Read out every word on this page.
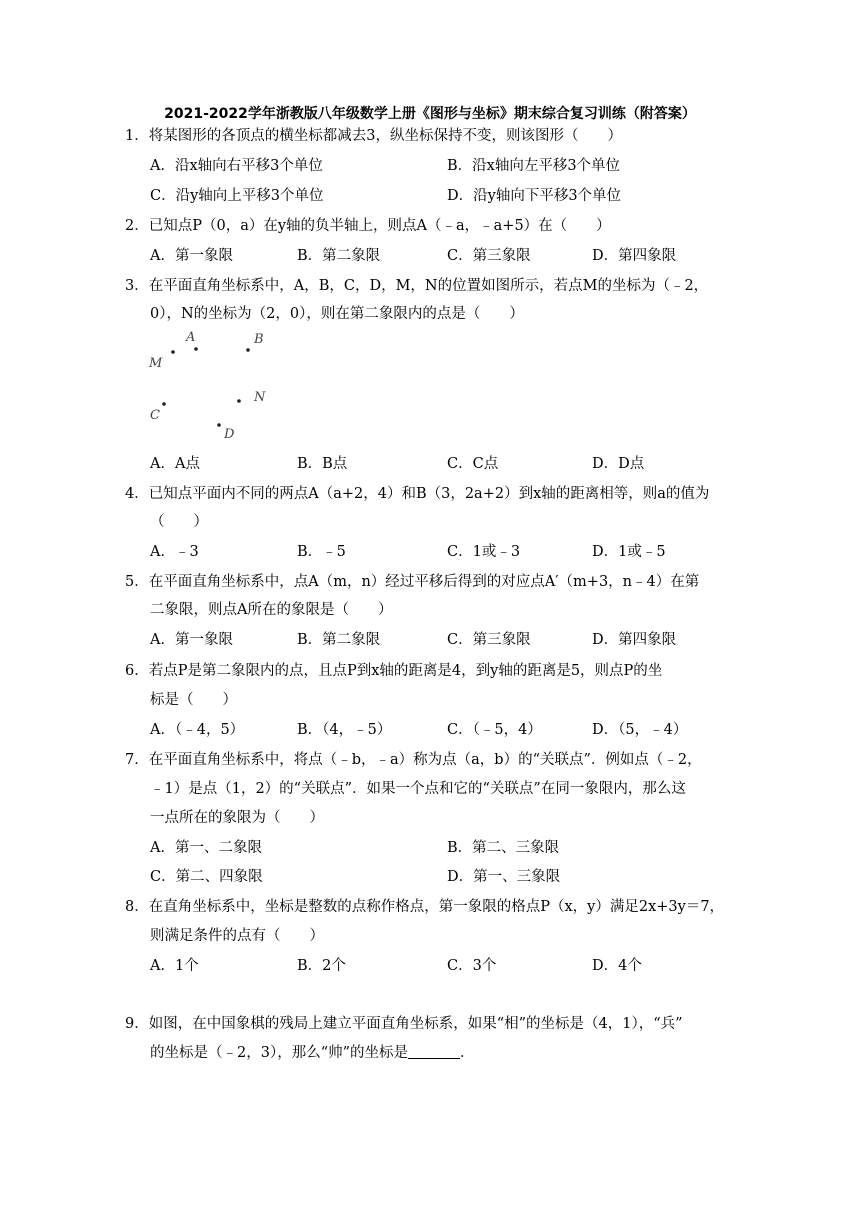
2021-2022学年浙教版八年级数学上册《图形与坐标》期末综合复习训练（附答案）
1．将某图形的各顶点的横坐标都减去3，纵坐标保持不变，则该图形（　　）
A．沿x轴向右平移3个单位	B．沿x轴向左平移3个单位
C．沿y轴向上平移3个单位	D．沿y轴向下平移3个单位
2．已知点P（0，a）在y轴的负半轴上，则点A（﹣a，﹣a+5）在（　　）
A．第一象限	B．第二象限	C．第三象限	D．第四象限
3．在平面直角坐标系中，A，B，C，D，M，N的位置如图所示，若点M的坐标为（﹣2，
0），N的坐标为（2，0），则在第二象限内的点是（　　）
M
A	B
C
N
D
A．A点	B．B点	C．C点	D．D点
4．已知点平面内不同的两点A（a+2，4）和B（3，2a+2）到x轴的距离相等，则a的值为
（　　）
A．﹣3	B．﹣5	C．1或﹣3	D．1或﹣5
5．在平面直角坐标系中，点A（m，n）经过平移后得到的对应点A′（m+3，n﹣4）在第
二象限，则点A所在的象限是（　　）
A．第一象限	B．第二象限	C．第三象限	D．第四象限
6．若点P是第二象限内的点，且点P到x轴的距离是4，到y轴的距离是5，则点P的坐
标是（　　）
A．（﹣4，5）	B．（4，﹣5）	C．（﹣5，4）	D．（5，﹣4）
7．在平面直角坐标系中，将点（﹣b，﹣a）称为点（a，b）的“关联点”．例如点（﹣2，
﹣1）是点（1，2）的“关联点”．如果一个点和它的“关联点”在同一象限内，那么这
一点所在的象限为（　　）
A．第一、二象限	B．第二、三象限
C．第二、四象限	D．第一、三象限
8．在直角坐标系中，坐标是整数的点称作格点，第一象限的格点P（x，y）满足2x+3y＝7，
则满足条件的点有（　　）
A．1个	B．2个	C．3个	D．4个
9．如图，在中国象棋的残局上建立平面直角坐标系，如果“相”的坐标是（4，1），“兵”
的坐标是（﹣2，3），那么“帅”的坐标是	．
